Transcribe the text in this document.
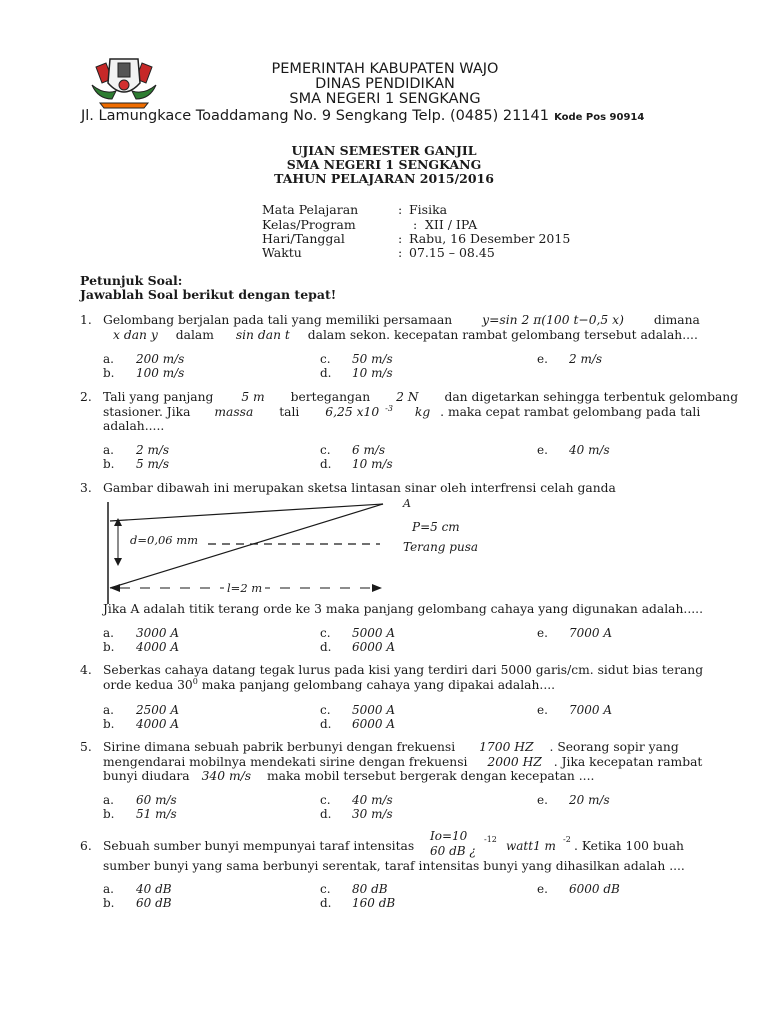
PEMERINTAH KABUPATEN WAJO
DINAS PENDIDIKAN
SMA NEGERI 1 SENGKANG
Jl. Lamungkace Toaddamang No. 9 Sengkang Telp. (0485) 21141 Kode Pos 90914
UJIAN SEMESTER GANJIL
SMA NEGERI 1 SENGKANG
TAHUN PELAJARAN 2015/2016
Mata Pelajaran	: Fisika
Kelas/Program	: XII / IPA
Hari/Tanggal	: Rabu, 16 Desember 2015
Waktu	: 07.15 – 08.45
Petunjuk Soal:
Jawablah Soal berikut dengan tepat!
1. Gelombang berjalan pada tali yang memiliki persamaan y=sin 2 π(100 t−0,5 x) dimana
x dan y dalam sin dan t dalam sekon. kecepatan rambat gelombang tersebut adalah....
a. 200 m/s
b. 100 m/s
c. 50 m/s
d. 10 m/s
e. 2 m/s
2. Tali yang panjang 5 m bertegangan 2 N dan digetarkan sehingga terbentuk gelombang
stasioner. Jika massa tali 6,25 x10 $^{-3}$ kg . maka cepat rambat gelombang pada tali
adalah.....
a. 2 m/s
b. 5 m/s
c. 6 m/s
d. 10 m/s
e. 40 m/s
3. Gambar dibawah ini merupakan sketsa lintasan sinar oleh interfrensi celah ganda
A
d=0,06 mm
P=5 cm
Terang pusa
l=2 m
Jika A adalah titik terang orde ke 3 maka panjang gelombang cahaya yang digunakan adalah.....
a. 3000 A
b. 4000 A
c. 5000 A
d. 6000 A
e. 7000 A
4. Seberkas cahaya datang tegak lurus pada kisi yang terdiri dari 5000 garis/cm. sidut bias terang
orde kedua $30^0$ maka panjang gelombang cahaya yang dipakai adalah....
a. 2500 A
b. 4000 A
c. 5000 A
d. 6000 A
e. 7000 A
5. Sirine dimana sebuah pabrik berbunyi dengan frekuensi 1700 HZ . Seorang sopir yang
mengendarai mobilnya mendekati sirine dengan frekuensi 2000 HZ . Jika kecepatan rambat
bunyi diudara 340 m/s maka mobil tersebut bergerak dengan kecepatan ....
a. 60 m/s
b. 51 m/s
c. 40 m/s
d. 30 m/s
e. 20 m/s
6. Sebuah sumber bunyi mempunyai taraf intensitas
Io=10
60 dB ¿
-12 watt1 m -2 . Ketika 100 buah
sumber bunyi yang sama berbunyi serentak, taraf intensitas bunyi yang dihasilkan adalah ....
a. 40 dB
b. 60 dB
c. 80 dB
d. 160 dB
e. 6000 dB
